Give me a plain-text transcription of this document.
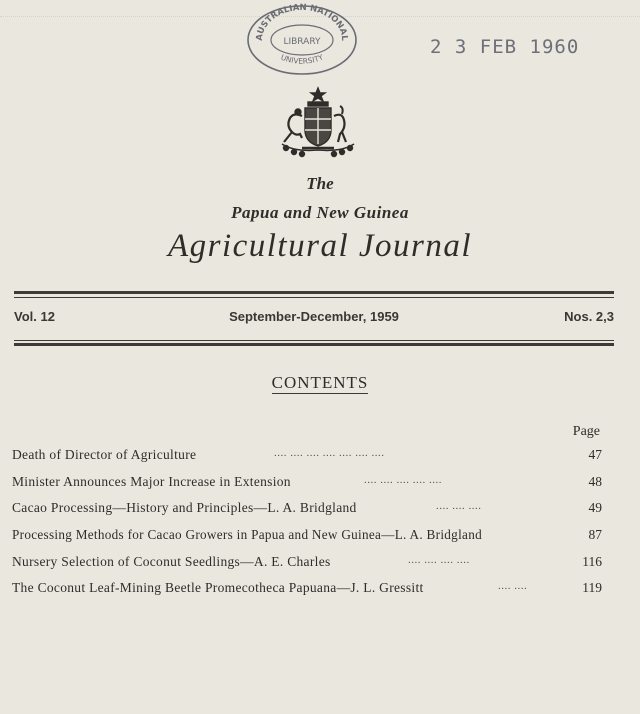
AUSTRALIAN NATIONAL
LIBRARY
UNIVERSITY	2 3 FEB 1960
The
Papua and New Guinea
Agricultural Journal
Vol. 12	September-December, 1959	Nos. 2,3
CONTENTS
Page
Death of Director of Agriculture	.... .... .... .... .... .... ....	47
Minister Announces Major Increase in Extension	.... .... .... .... ....	48
Cacao Processing—History and Principles—L. A. Bridgland	.... .... ....	49
Processing Methods for Cacao Growers in Papua and New Guinea—L. A. Bridgland	87
Nursery Selection of Coconut Seedlings—A. E. Charles	.... .... .... ....	116
The Coconut Leaf-Mining Beetle Promecotheca Papuana—J. L. Gressitt	.... ....	119
